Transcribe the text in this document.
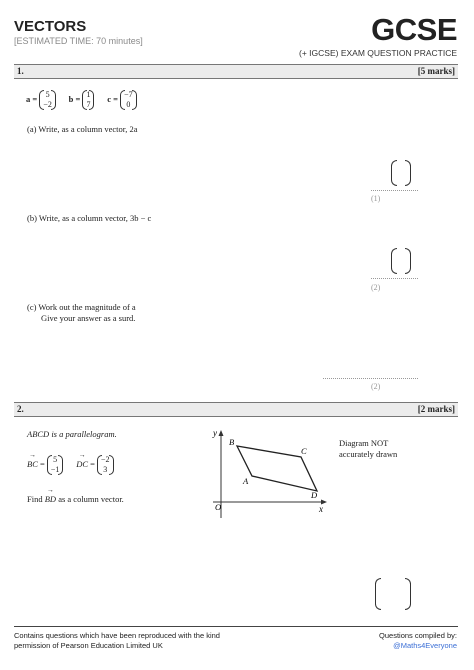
VECTORS
[ESTIMATED TIME: 70 minutes]	GCSE
(+ IGCSE) EXAM QUESTION PRACTICE
1.	[5 marks]
a = 5
−2
b = 1
7
c = −7
0
(a) Write, as a column vector, 2a
(1)
(b) Write, as a column vector, 3b − c
(2)
(c) Work out the magnitude of a
Give your answer as a surd.
(2)
2.	[2 marks]
ABCD is a parallelogram.
→ BC = 5
−1
→ DC = −2
3
Find → BD as a column vector.
y
x
O
B
C
A
D
Diagram NOT
accurately drawn
Contains questions which have been reproduced with the kind
permission of Pearson Education Limited UK
Questions compiled by:
@Maths4Everyone
